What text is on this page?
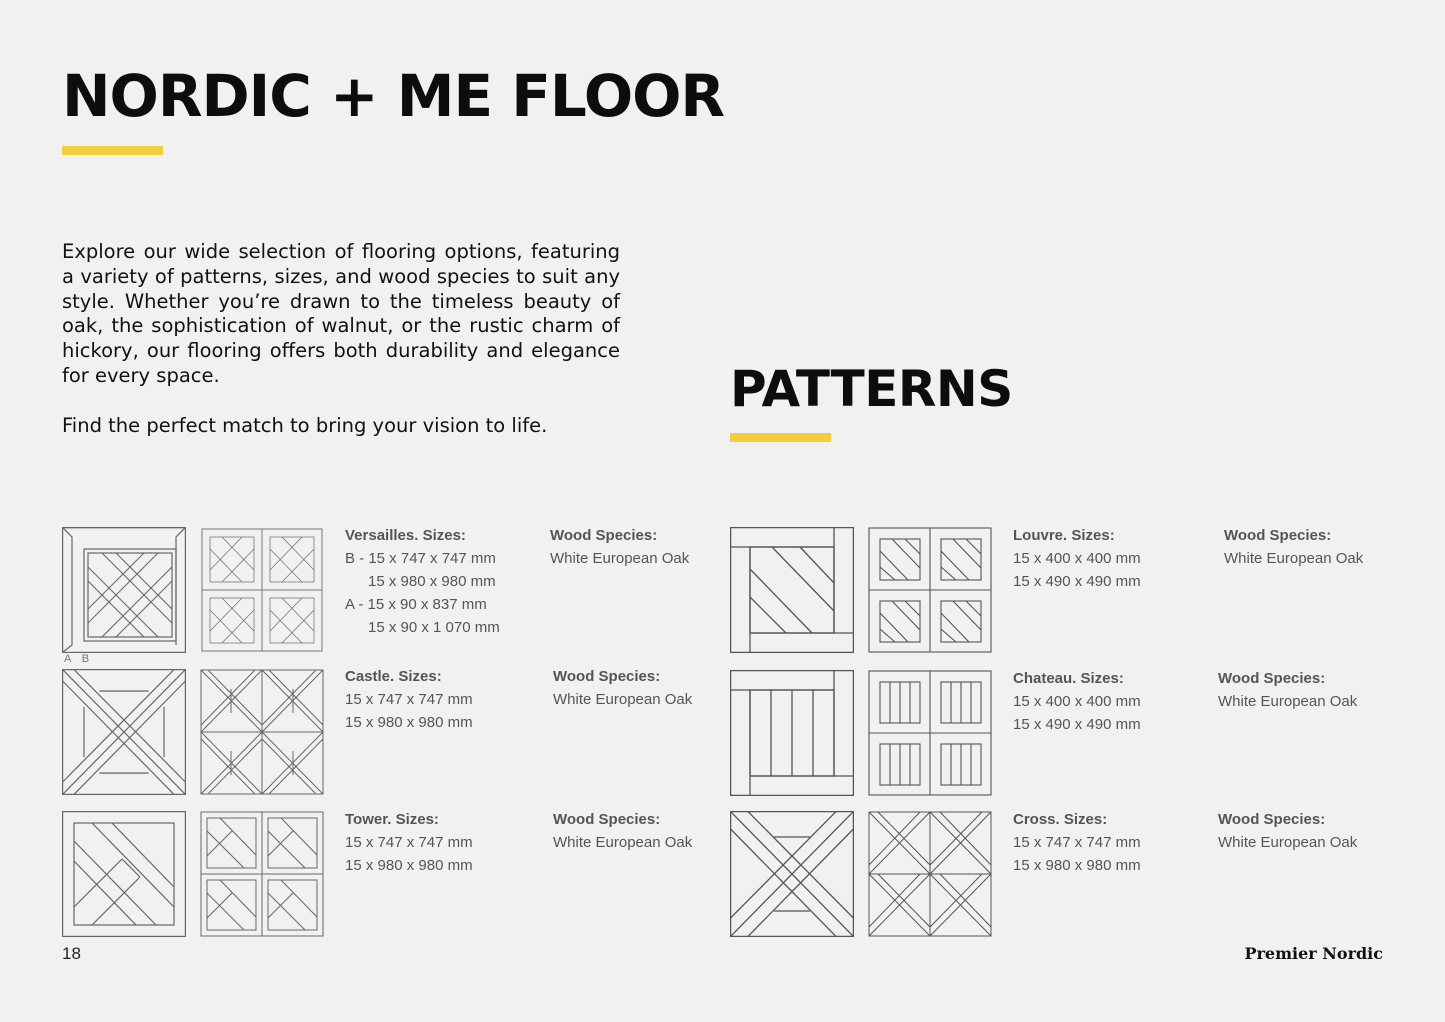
NORDIC + ME FLOOR

Explore our wide selection of flooring options, featuring a variety of patterns, sizes, and wood species to suit any style. Whether you’re drawn to the timeless beauty of oak, the sophistication of walnut, or the rustic charm of hickory, our flooring offers both durability and elegance for every space.

Find the perfect match to bring your vision to life.

PATTERNS
A B
Versailles. Sizes:
B - 15 x 747 x 747 mm
15 x 980 x 980 mm
A - 15 x 90 x 837 mm
15 x 90 x 1 070 mm
Wood Species:
White European Oak
Castle. Sizes:
15 x 747 x 747 mm
15 x 980 x 980 mm
Wood Species:
White European Oak
Tower. Sizes:
15 x 747 x 747 mm
15 x 980 x 980 mm
Wood Species:
White European Oak
Louvre. Sizes:
15 x 400 x 400 mm
15 x 490 x 490 mm
Wood Species:
White European Oak
Chateau. Sizes:
15 x 400 x 400 mm
15 x 490 x 490 mm
Wood Species:
White European Oak
Cross. Sizes:
15 x 747 x 747 mm
15 x 980 x 980 mm
Wood Species:
White European Oak
18	Premier Nordic
